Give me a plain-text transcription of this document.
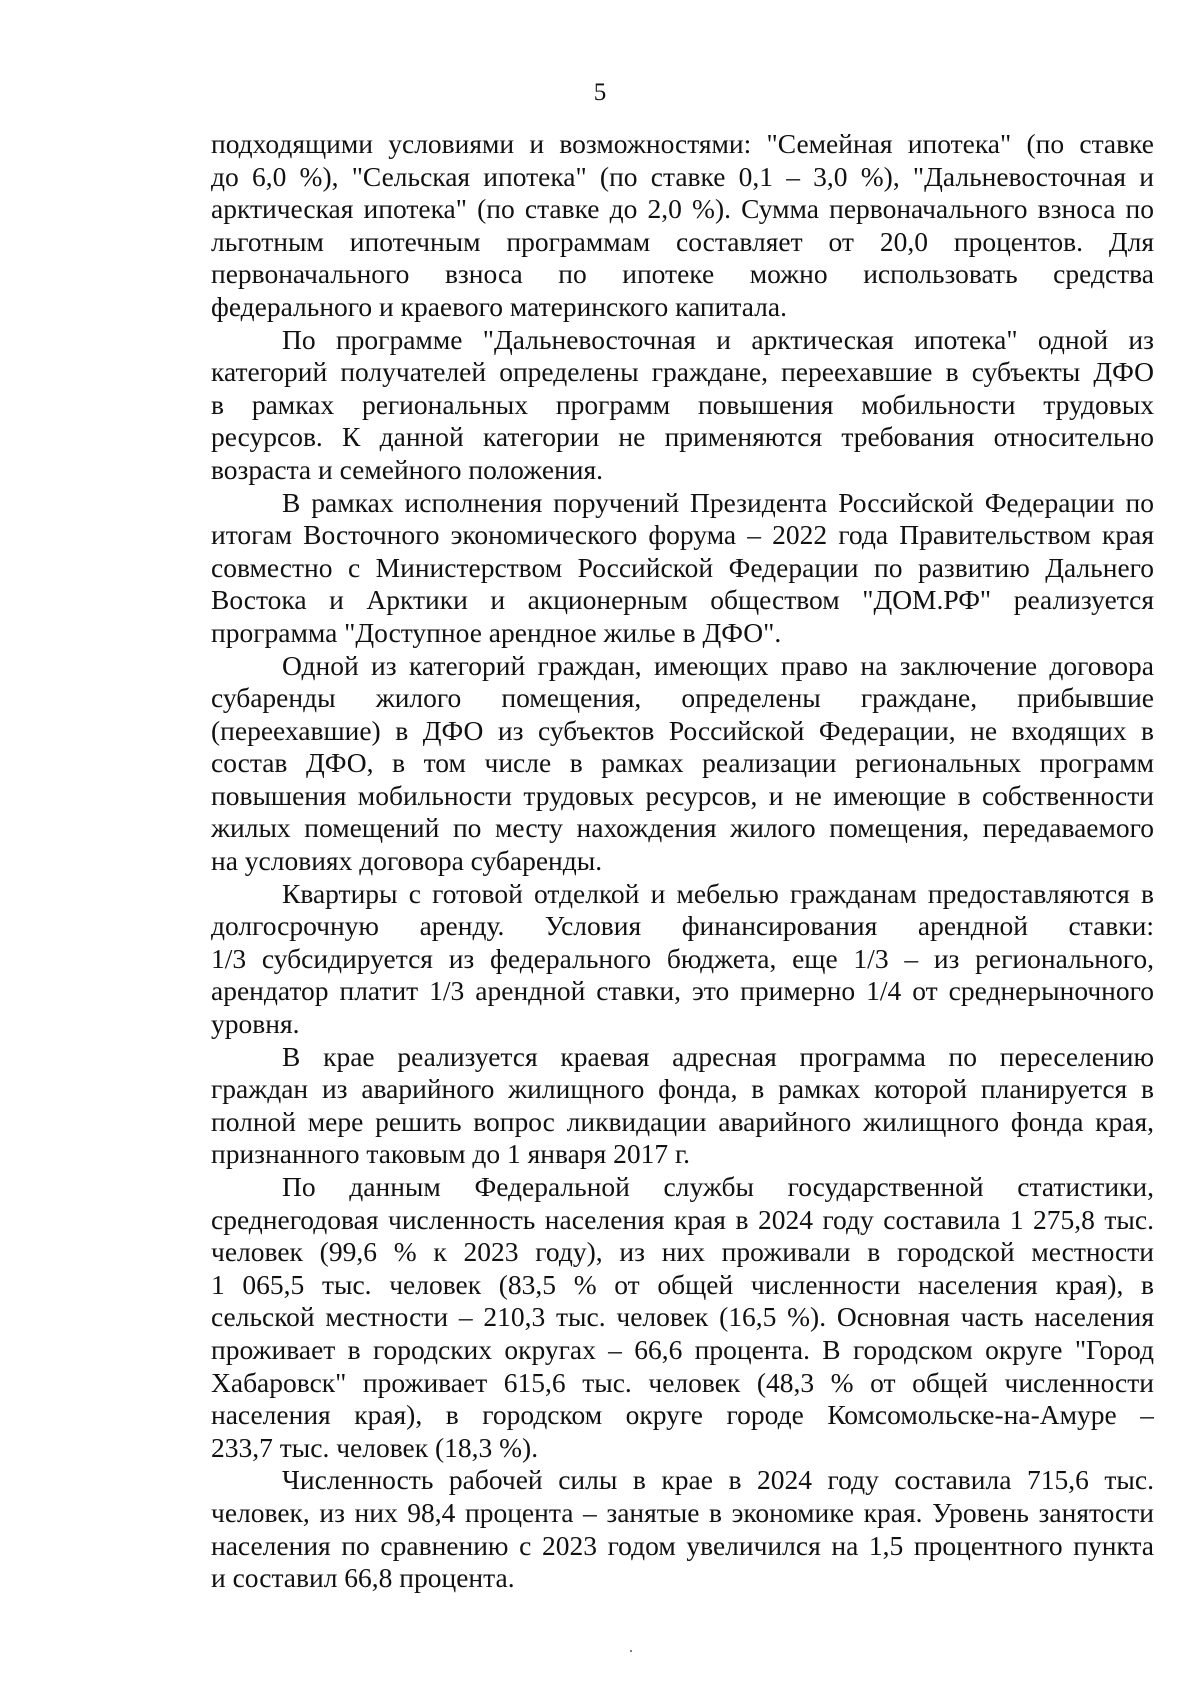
5
подходящими условиями и возможностями: "Семейная ипотека" (по ставке
до 6,0 %), "Сельская ипотека" (по ставке 0,1 – 3,0 %), "Дальневосточная и
арктическая ипотека" (по ставке до 2,0 %). Сумма первоначального взноса по
льготным ипотечным программам составляет от 20,0 процентов. Для
первоначального взноса по ипотеке можно использовать средства
федерального и краевого материнского капитала.
По программе "Дальневосточная и арктическая ипотека" одной из
категорий получателей определены граждане, переехавшие в субъекты ДФО
в рамках региональных программ повышения мобильности трудовых
ресурсов. К данной категории не применяются требования относительно
возраста и семейного положения.
В рамках исполнения поручений Президента Российской Федерации по
итогам Восточного экономического форума – 2022 года Правительством края
совместно с Министерством Российской Федерации по развитию Дальнего
Востока и Арктики и акционерным обществом "ДОМ.РФ" реализуется
программа "Доступное арендное жилье в ДФО".
Одной из категорий граждан, имеющих право на заключение договора
субаренды жилого помещения, определены граждане, прибывшие
(переехавшие) в ДФО из субъектов Российской Федерации, не входящих в
состав ДФО, в том числе в рамках реализации региональных программ
повышения мобильности трудовых ресурсов, и не имеющие в собственности
жилых помещений по месту нахождения жилого помещения, передаваемого
на условиях договора субаренды.
Квартиры с готовой отделкой и мебелью гражданам предоставляются в
долгосрочную аренду. Условия финансирования арендной ставки:
1/3 субсидируется из федерального бюджета, еще 1/3 – из регионального,
арендатор платит 1/3 арендной ставки, это примерно 1/4 от среднерыночного
уровня.
В крае реализуется краевая адресная программа по переселению
граждан из аварийного жилищного фонда, в рамках которой планируется в
полной мере решить вопрос ликвидации аварийного жилищного фонда края,
признанного таковым до 1 января 2017 г.
По данным Федеральной службы государственной статистики,
среднегодовая численность населения края в 2024 году составила 1 275,8 тыс.
человек (99,6 % к 2023 году), из них проживали в городской местности
1 065,5 тыс. человек (83,5 % от общей численности населения края), в
сельской местности – 210,3 тыс. человек (16,5 %). Основная часть населения
проживает в городских округах – 66,6 процента. В городском округе "Город
Хабаровск" проживает 615,6 тыс. человек (48,3 % от общей численности
населения края), в городском округе городе Комсомольске-на-Амуре –
233,7 тыс. человек (18,3 %).
Численность рабочей силы в крае в 2024 году составила 715,6 тыс.
человек, из них 98,4 процента – занятые в экономике края. Уровень занятости
населения по сравнению с 2023 годом увеличился на 1,5 процентного пункта
и составил 66,8 процента.
